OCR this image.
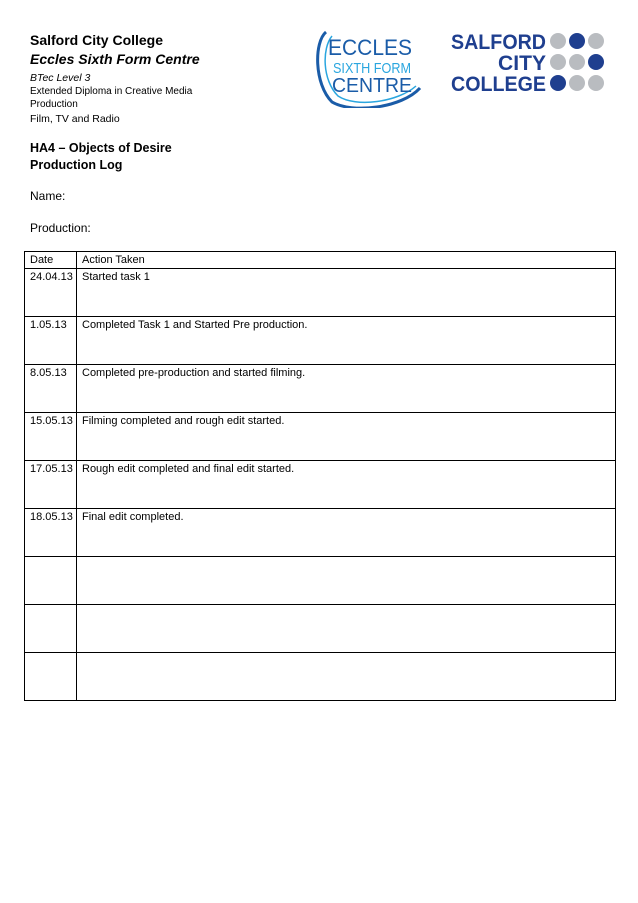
Salford City College
Eccles Sixth Form Centre
BTec Level 3
Extended Diploma in Creative Media Production
Film, TV and Radio
ECCLES
SIXTH FORM
CENTRE
SALFORD
CITY
COLLEGE
HA4 – Objects of Desire
Production Log
Name:
Production:
Date	Action Taken
24.04.13	Started task 1
1.05.13	Completed Task 1 and Started Pre production.
8.05.13	Completed pre-production and started filming.
15.05.13	Filming completed and rough edit started.
17.05.13	Rough edit completed and final edit started.
18.05.13	Final edit completed.
